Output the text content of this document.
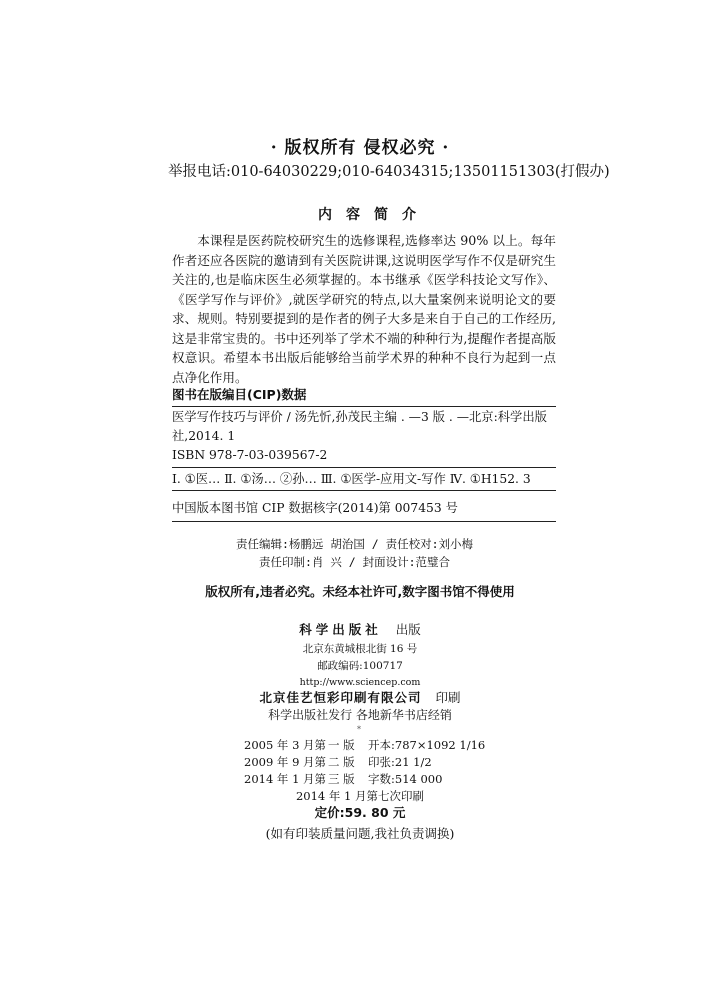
· 版权所有 侵权必究 ·
举报电话:010-64030229;010-64034315;13501151303(打假办)
内容简介

本课程是医药院校研究生的选修课程,选修率达 90% 以上。每年作者还应各医院的邀请到有关医院讲课,这说明医学写作不仅是研究生关注的,也是临床医生必须掌握的。本书继承《医学科技论文写作》、《医学写作与评价》,就医学研究的特点,以大量案例来说明论文的要求、规则。特别要提到的是作者的例子大多是来自于自己的工作经历,这是非常宝贵的。书中还列举了学术不端的种种行为,提醒作者提高版权意识。希望本书出版后能够给当前学术界的种种不良行为起到一点点净化作用。

图书在版编目(CIP)数据
医学写作技巧与评价 / 汤先忻,孙茂民主编 . —3 版 . —北京:科学出版社,2014. 1
ISBN 978-7-03-039567-2
Ⅰ. ①医… Ⅱ. ①汤… ②孙… Ⅲ. ①医学-应用文-写作 Ⅳ. ①H152. 3
中国版本图书馆 CIP 数据核字(2014)第 007453 号
责任编辑:杨鹏远 胡治国 / 责任校对:刘小梅
责任印制:肖 兴 / 封面设计:范璧合
版权所有,违者必究。未经本社许可,数字图书馆不得使用
科学出版社 出版
北京东黄城根北街 16 号
邮政编码:100717
http://www.sciencep.com
北京佳艺恒彩印刷有限公司 印刷
科学出版社发行 各地新华书店经销
*
2005 年 3 月第 一 版 开本:787×1092 1/16
2009 年 9 月第 二 版 印张:21 1/2
2014 年 1 月第 三 版 字数:514 000
2014 年 1 月第七次印刷
定价:59. 80 元
(如有印装质量问题,我社负责调换)
